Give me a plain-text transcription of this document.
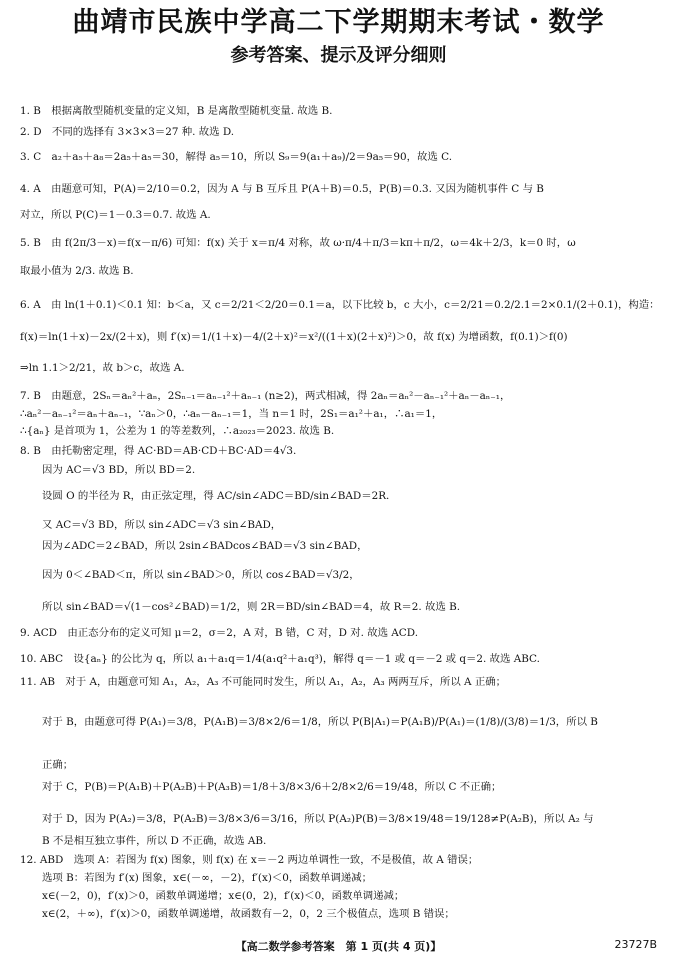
曲靖市民族中学高二下学期期末考试・数学
参考答案、提示及评分细则
1. B　根据离散型随机变量的定义知，B 是离散型随机变量. 故选 B.
2. D　不同的选择有 3×3×3＝27 种. 故选 D.
3. C　a₂＋a₅＋a₈＝2a₅＋a₅＝30，解得 a₅＝10，所以 S₉＝9(a₁＋a₉)/2＝9a₅＝90，故选 C.
4. A　由题意可知，P(A)＝2/10＝0.2，因为 A 与 B 互斥且 P(A＋B)＝0.5，P(B)＝0.3. 又因为随机事件 C 与 B
对立，所以 P(C)＝1－0.3＝0.7. 故选 A.
5. B　由 f(2π/3－x)＝f(x－π/6) 可知：f(x) 关于 x＝π/4 对称，故 ω·π/4＋π/3＝kπ＋π/2，ω＝4k＋2/3，k＝0 时，ω
取最小值为 2/3. 故选 B.
6. A　由 ln(1＋0.1)＜0.1 知：b＜a，又 c＝2/21＜2/20＝0.1＝a，以下比较 b，c 大小，c＝2/21＝0.2/2.1＝2×0.1/(2＋0.1)，构造：
f(x)＝ln(1＋x)－2x/(2＋x)，则 f′(x)＝1/(1＋x)－4/(2＋x)²＝x²/((1＋x)(2＋x)²)＞0，故 f(x) 为增函数，f(0.1)＞f(0)
⇒ln 1.1＞2/21，故 b＞c，故选 A.
7. B　由题意，2Sₙ＝aₙ²＋aₙ，2Sₙ₋₁＝aₙ₋₁²＋aₙ₋₁ (n≥2)，两式相减，得 2aₙ＝aₙ²－aₙ₋₁²＋aₙ－aₙ₋₁，
∴aₙ²－aₙ₋₁²＝aₙ＋aₙ₋₁，∵aₙ＞0，∴aₙ－aₙ₋₁＝1，当 n＝1 时，2S₁＝a₁²＋a₁，∴a₁＝1，
∴{aₙ} 是首项为 1，公差为 1 的等差数列，∴a₂₀₂₃＝2023. 故选 B.
8. B　由托勒密定理，得 AC·BD＝AB·CD＋BC·AD＝4√3.
因为 AC＝√3 BD，所以 BD＝2.
设圆 O 的半径为 R，由正弦定理，得 AC/sin∠ADC＝BD/sin∠BAD＝2R.
又 AC＝√3 BD，所以 sin∠ADC＝√3 sin∠BAD，
因为∠ADC＝2∠BAD，所以 2sin∠BADcos∠BAD＝√3 sin∠BAD，
因为 0＜∠BAD＜π，所以 sin∠BAD＞0，所以 cos∠BAD＝√3/2，
所以 sin∠BAD＝√(1－cos²∠BAD)＝1/2，则 2R＝BD/sin∠BAD＝4，故 R＝2. 故选 B.
9. ACD　由正态分布的定义可知 μ＝2，σ＝2，A 对，B 错，C 对，D 对. 故选 ACD.
10. ABC　设{aₙ} 的公比为 q，所以 a₁＋a₁q＝1/4(a₁q²＋a₁q³)，解得 q＝－1 或 q＝－2 或 q＝2. 故选 ABC.
11. AB　对于 A，由题意可知 A₁，A₂，A₃ 不可能同时发生，所以 A₁，A₂，A₃ 两两互斥，所以 A 正确；
对于 B，由题意可得 P(A₁)＝3/8，P(A₁B)＝3/8×2/6＝1/8，所以 P(B|A₁)＝P(A₁B)/P(A₁)＝(1/8)/(3/8)＝1/3，所以 B
正确；
对于 C，P(B)＝P(A₁B)＋P(A₂B)＋P(A₃B)＝1/8＋3/8×3/6＋2/8×2/6＝19/48，所以 C 不正确；
对于 D，因为 P(A₂)＝3/8，P(A₂B)＝3/8×3/6＝3/16，所以 P(A₂)P(B)＝3/8×19/48＝19/128≠P(A₂B)，所以 A₂ 与
B 不是相互独立事件，所以 D 不正确，故选 AB.
12. ABD　选项 A：若图为 f(x) 图象，则 f(x) 在 x＝－2 两边单调性一致，不是极值，故 A 错误；
选项 B：若图为 f′(x) 图象，x∈(－∞，－2)，f′(x)＜0，函数单调递减；
x∈(－2，0)，f′(x)＞0，函数单调递增；x∈(0，2)，f′(x)＜0，函数单调递减；
x∈(2，＋∞)，f′(x)＞0，函数单调递增，故函数有－2，0，2 三个极值点，选项 B 错误；
【高二数学参考答案　第 1 页(共 4 页)】	23727B
